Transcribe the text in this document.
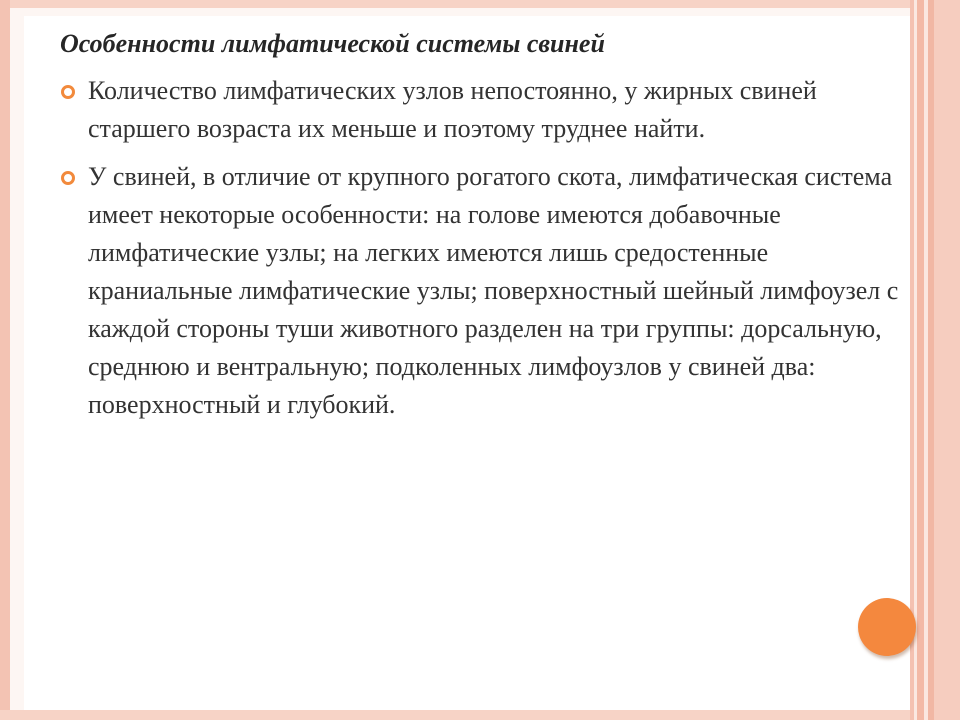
Особенности лимфатической системы свиней
Количество лимфатических узлов непостоянно, у жирных свиней старшего возраста их меньше и поэтому труднее найти.
У свиней, в отличие от крупного рогатого скота, лимфатическая система имеет некоторые особенности: на голове имеются добавочные лимфатические узлы; на легких имеются лишь средостенные краниальные лимфатические узлы; поверхностный шейный лимфоузел с каждой стороны туши животного разделен на три группы: дорсальную, среднюю и вентральную; подколенных лимфоузлов у свиней два: поверхностный и глубокий.
